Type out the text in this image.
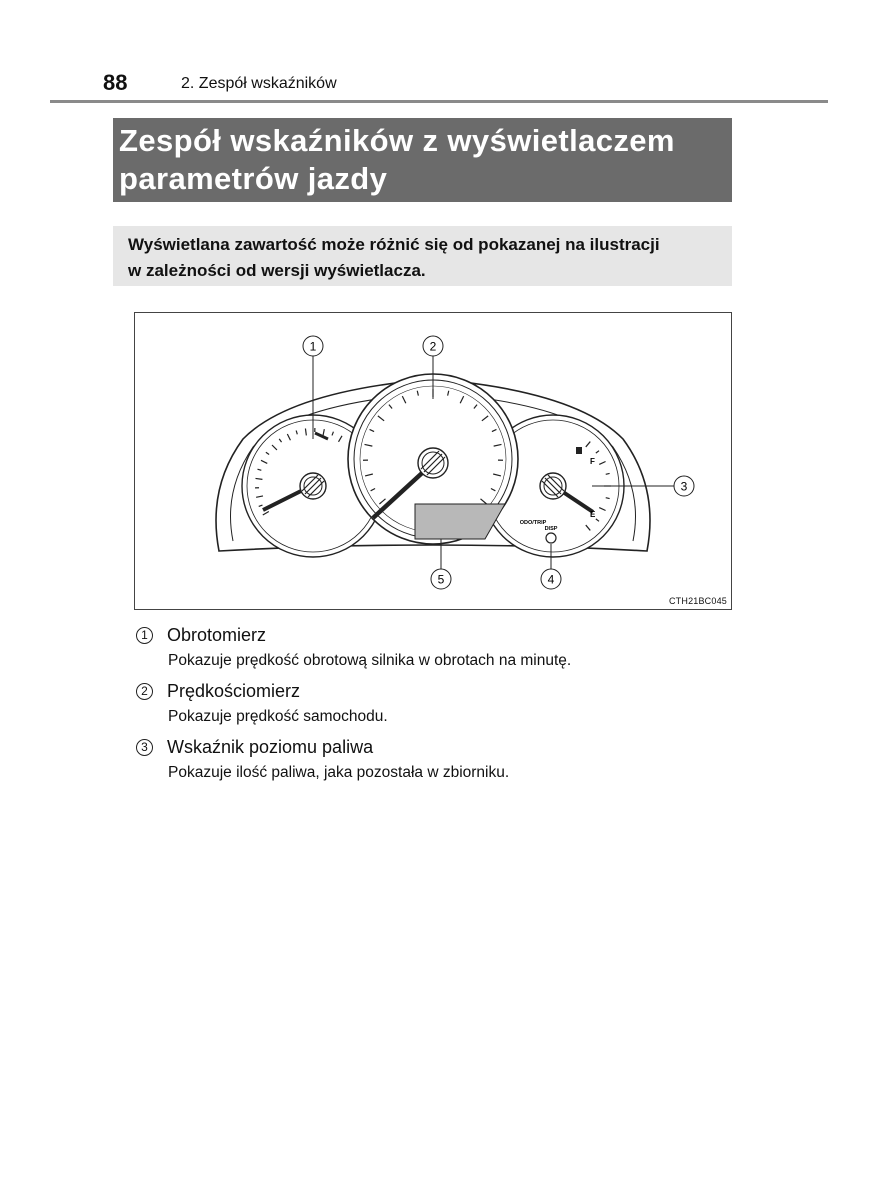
88	2. Zespół wskaźników
Zespół wskaźników z wyświetlaczem
parametrów jazdy
Wyświetlana zawartość może różnić się od pokazanej na ilustracji
w zależności od wersji wyświetlacza.
F
E
ODO/TRIP
DISP
1	2
3
4
5
CTH21BC045
1 Obrotomierz
Pokazuje prędkość obrotową silnika w obrotach na minutę.
2 Prędkościomierz
Pokazuje prędkość samochodu.
3 Wskaźnik poziomu paliwa
Pokazuje ilość paliwa, jaka pozostała w zbiorniku.
